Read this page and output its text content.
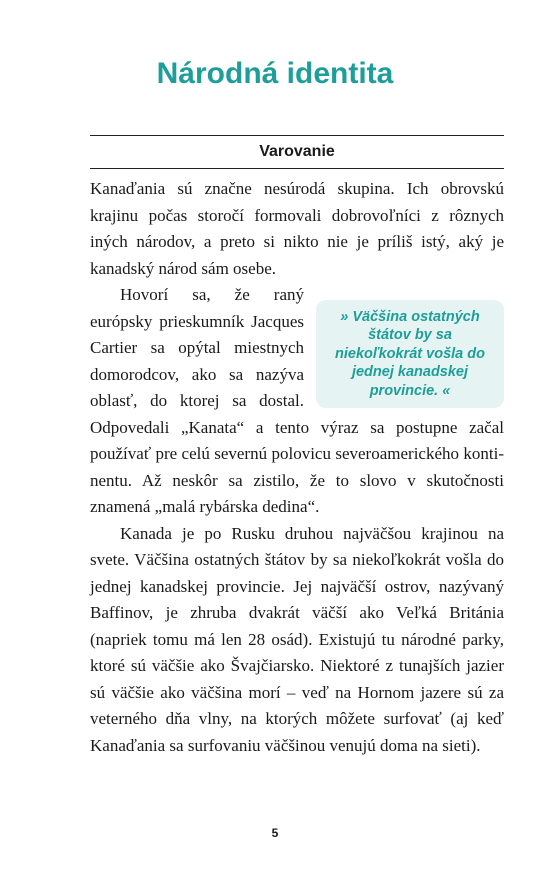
Národná identita
Varovanie

Kanaďania sú značne nesúrodá skupina. Ich obrovskú krajinu počas storočí formovali dobrovoľníci z rôznych iných národov, a preto si nikto nie je príliš istý, aký je kanadský národ sám osebe.

» Väčšina ostatných štátov by sa niekoľkokrát vošla do jednej kanadskej provincie. «

Hovorí sa, že raný európsky prieskumník Jacques Cartier sa opýtal miestnych domorodcov, ako sa nazýva oblasť, do ktorej sa dostal. Odpovedali „Kanata“ a tento výraz sa postupne začal používať pre celú severnú polovicu severoamerického kontinentu. Až neskôr sa zistilo, že to slovo v skutočnosti znamená „malá rybárska dedina“.

Kanada je po Rusku druhou najväčšou krajinou na svete. Väčšina ostatných štátov by sa niekoľkokrát vošla do jednej kanadskej provincie. Jej najväčší ostrov, nazývaný Baffinov, je zhruba dvakrát väčší ako Veľká Británia (napriek tomu má len 28 osád). Existujú tu národné parky, ktoré sú väčšie ako Švajčiarsko. Niektoré z tunajších jazier sú väčšie ako väčšina morí – veď na Hornom jazere sú za veterného dňa vlny, na ktorých môžete surfovať (aj keď Kanaďania sa surfovaniu väčšinou venujú doma na sieti).

5
